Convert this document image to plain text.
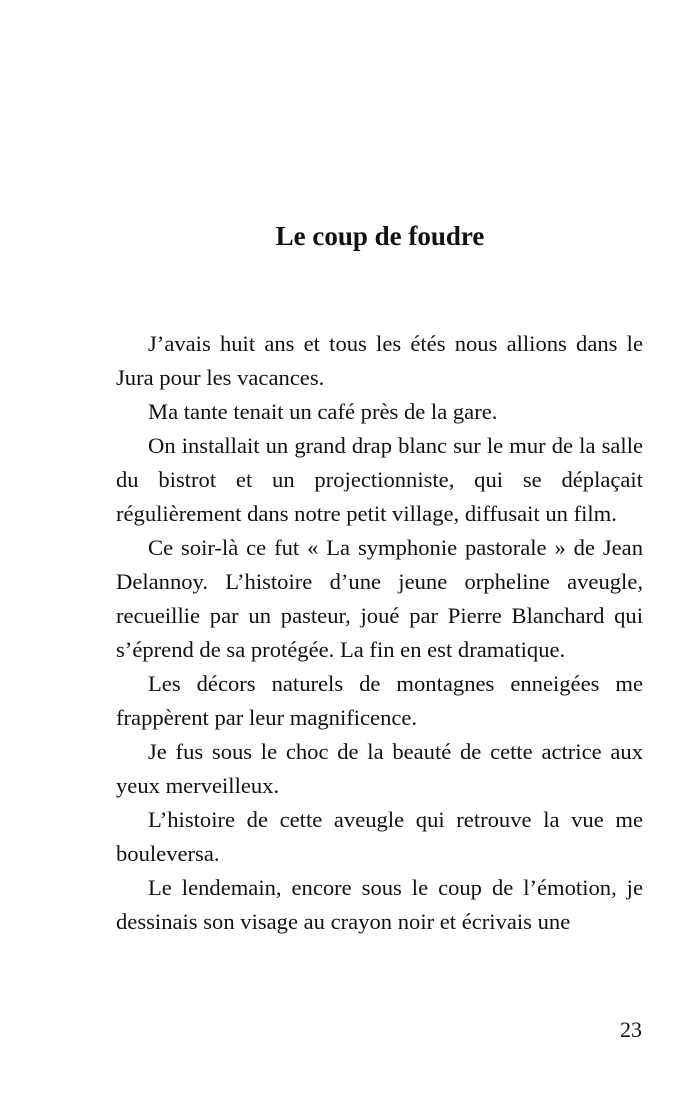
Le coup de foudre

J’avais huit ans et tous les étés nous allions dans le Jura pour les vacances.

Ma tante tenait un café près de la gare.

On installait un grand drap blanc sur le mur de la salle du bistrot et un projectionniste, qui se déplaçait régulièrement dans notre petit village, diffusait un film.

Ce soir-là ce fut « La symphonie pastorale » de Jean Delannoy. L’histoire d’une jeune orpheline aveugle, recueillie par un pasteur, joué par Pierre Blanchard qui s’éprend de sa protégée. La fin en est dramatique.

Les décors naturels de montagnes enneigées me frappèrent par leur magnificence.

Je fus sous le choc de la beauté de cette actrice aux yeux merveilleux.

L’histoire de cette aveugle qui retrouve la vue me bouleversa.

Le lendemain, encore sous le coup de l’émotion, je dessinais son visage au crayon noir et écrivais une

23
